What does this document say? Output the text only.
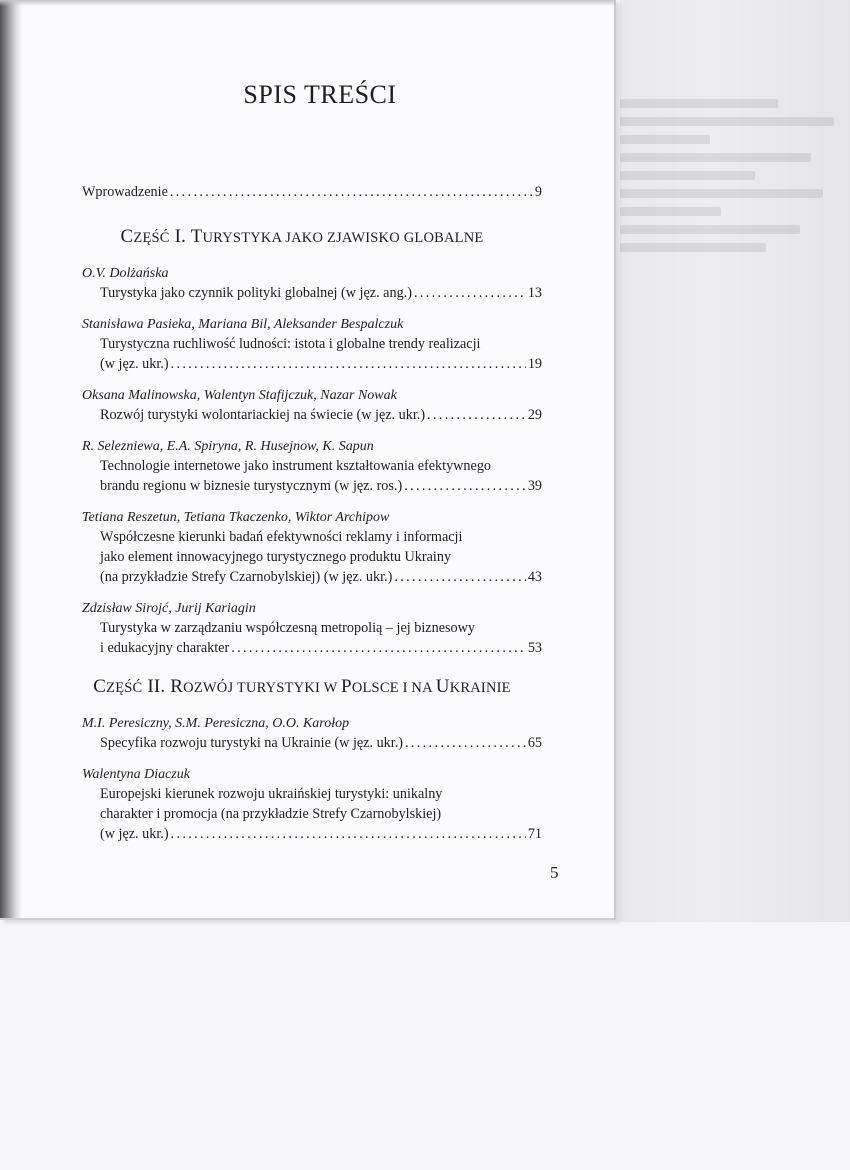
SPIS TREŚCI
Wprowadzenie . . .	9
CZĘŚĆ I. TURYSTYKA JAKO ZJAWISKO GLOBALNE
O.V. Dolżańska
Turystyka jako czynnik polityki globalnej (w jęz. ang.) . . .	13
Stanisława Pasieka, Mariana Bil, Aleksander Bespalczuk
Turystyczna ruchliwość ludności: istota i globalne trendy realizacji
(w jęz. ukr.) . . .	19
Oksana Malinowska, Walentyn Stafijczuk, Nazar Nowak
Rozwój turystyki wolontariackiej na świecie (w jęz. ukr.) . . .	29
R. Selezniewa, E.A. Spiryna, R. Husejnow, K. Sapun
Technologie internetowe jako instrument kształtowania efektywnego
brandu regionu w biznesie turystycznym (w jęz. ros.) . . .	39
Tetiana Reszetun, Tetiana Tkaczenko, Wiktor Archipow
Współczesne kierunki badań efektywności reklamy i informacji
jako element innowacyjnego turystycznego produktu Ukrainy
(na przykładzie Strefy Czarnobylskiej) (w jęz. ukr.) . . .	43
Zdzisław Sirojć, Jurij Kariagin
Turystyka w zarządzaniu współczesną metropolią – jej biznesowy
i edukacyjny charakter . . .	53
CZĘŚĆ II. ROZWÓJ TURYSTYKI W POLSCE I NA UKRAINIE
M.I. Peresiczny, S.M. Peresiczna, O.O. Karołop
Specyfika rozwoju turystyki na Ukrainie (w jęz. ukr.) . . .	65
Walentyna Diaczuk
Europejski kierunek rozwoju ukraińskiej turystyki: unikalny
charakter i promocja (na przykładzie Strefy Czarnobylskiej)
(w jęz. ukr.) . . .	71
5
